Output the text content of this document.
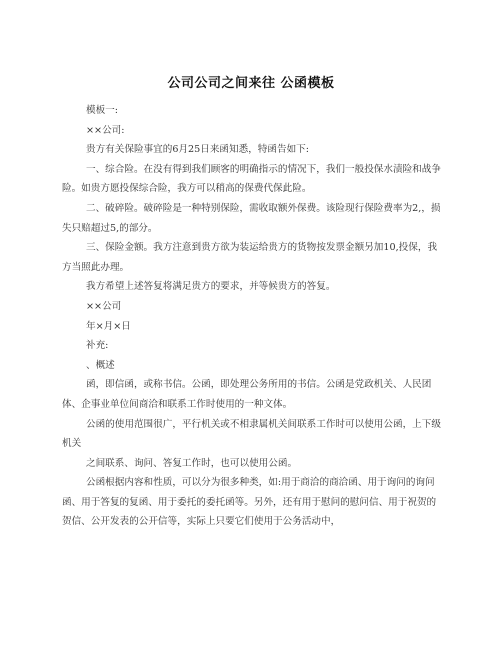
公司公司之间来往 公函模板

模板一:

××公司:

贵方有关保险事宜的6月25日来函知悉，特函告如下:

一、综合险。在没有得到我们顾客的明确指示的情况下，我们一般投保水渍险和战争险。如贵方愿投保综合险，我方可以稍高的保费代保此险。

二、破碎险。破碎险是一种特别保险，需收取额外保费。该险现行保险费率为2,，损失只赔超过5,的部分。

三、保险金额。我方注意到贵方欲为装运给贵方的货物按发票金额另加10,投保，我方当照此办理。

我方希望上述答复将满足贵方的要求，并等候贵方的答复。

××公司

年×月×日

补充:

、概述

函，即信函，或称书信。公函，即处理公务所用的书信。公函是党政机关、人民团体、企事业单位间商洽和联系工作时使用的一种文体。

公函的使用范围很广，平行机关或不相隶属机关间联系工作时可以使用公函，上下级机关

之间联系、询问、答复工作时，也可以使用公函。

公函根据内容和性质，可以分为很多种类，如:用于商洽的商洽函、用于询问的询问函、用于答复的复函、用于委托的委托函等。另外，还有用于慰问的慰问信、用于祝贺的贺信、公开发表的公开信等，实际上只要它们使用于公务活动中，
